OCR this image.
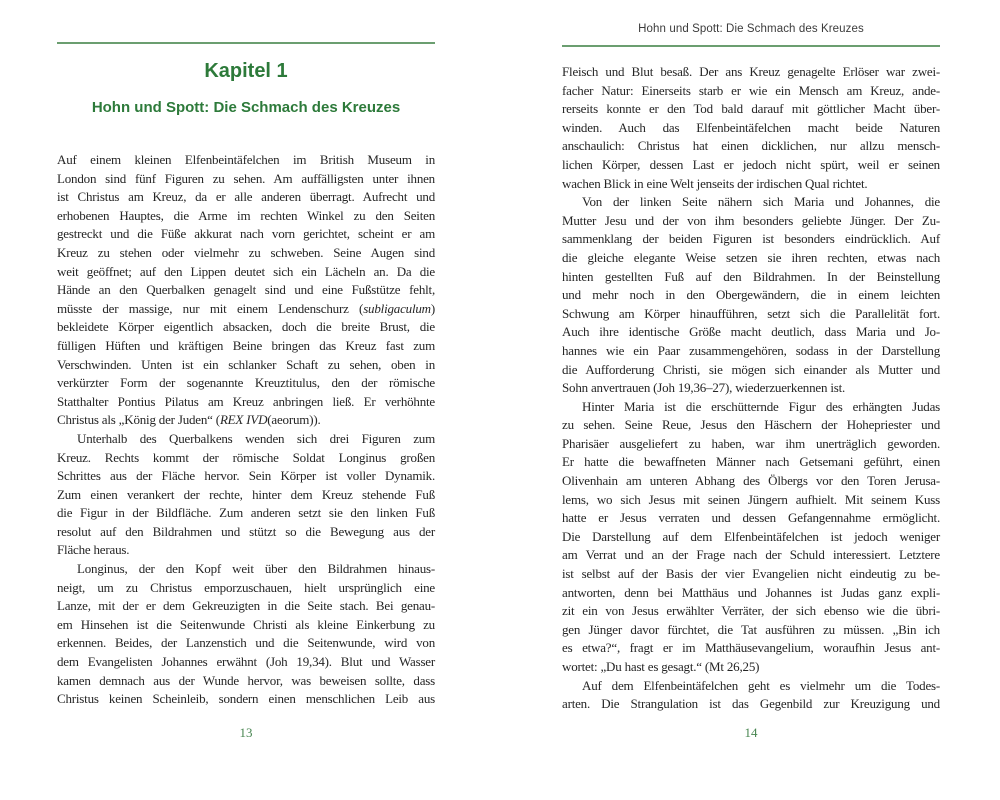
Kapitel 1
Hohn und Spott: Die Schmach des Kreuzes
Auf einem kleinen Elfenbeintäfelchen im British Museum in
London sind fünf Figuren zu sehen. Am auffälligsten unter ihnen
ist Christus am Kreuz, da er alle anderen überragt. Aufrecht und
erhobenen Hauptes, die Arme im rechten Winkel zu den Seiten
gestreckt und die Füße akkurat nach vorn gerichtet, scheint er am
Kreuz zu stehen oder vielmehr zu schweben. Seine Augen sind
weit geöffnet; auf den Lippen deutet sich ein Lächeln an. Da die
Hände an den Querbalken genagelt sind und eine Fußstütze fehlt,
müsste der massige, nur mit einem Lendenschurz (subligaculum)
bekleidete Körper eigentlich absacken, doch die breite Brust, die
fülligen Hüften und kräftigen Beine bringen das Kreuz fast zum
Verschwinden. Unten ist ein schlanker Schaft zu sehen, oben in
verkürzter Form der sogenannte Kreuztitulus, den der römische
Statthalter Pontius Pilatus am Kreuz anbringen ließ. Er verhöhnte
Christus als „König der Juden“ (REX IVD(aeorum)).
Unterhalb des Querbalkens wenden sich drei Figuren zum
Kreuz. Rechts kommt der römische Soldat Longinus großen
Schrittes aus der Fläche hervor. Sein Körper ist voller Dynamik.
Zum einen verankert der rechte, hinter dem Kreuz stehende Fuß
die Figur in der Bildfläche. Zum anderen setzt sie den linken Fuß
resolut auf den Bildrahmen und stützt so die Bewegung aus der
Fläche heraus.
Longinus, der den Kopf weit über den Bildrahmen hinaus-
neigt, um zu Christus emporzuschauen, hielt ursprünglich eine
Lanze, mit der er dem Gekreuzigten in die Seite stach. Bei genau-
em Hinsehen ist die Seitenwunde Christi als kleine Einkerbung zu
erkennen. Beides, der Lanzenstich und die Seitenwunde, wird von
dem Evangelisten Johannes erwähnt (Joh 19,34). Blut und Wasser
kamen demnach aus der Wunde hervor, was beweisen sollte, dass
Christus keinen Scheinleib, sondern einen menschlichen Leib aus
13
Hohn und Spott: Die Schmach des Kreuzes
Fleisch und Blut besaß. Der ans Kreuz genagelte Erlöser war zwei-
facher Natur: Einerseits starb er wie ein Mensch am Kreuz, ande-
rerseits konnte er den Tod bald darauf mit göttlicher Macht über-
winden. Auch das Elfenbeintäfelchen macht beide Naturen
anschaulich: Christus hat einen dicklichen, nur allzu mensch-
lichen Körper, dessen Last er jedoch nicht spürt, weil er seinen
wachen Blick in eine Welt jenseits der irdischen Qual richtet.
Von der linken Seite nähern sich Maria und Johannes, die
Mutter Jesu und der von ihm besonders geliebte Jünger. Der Zu-
sammenklang der beiden Figuren ist besonders eindrücklich. Auf
die gleiche elegante Weise setzen sie ihren rechten, etwas nach
hinten gestellten Fuß auf den Bildrahmen. In der Beinstellung
und mehr noch in den Obergewändern, die in einem leichten
Schwung am Körper hinaufführen, setzt sich die Parallelität fort.
Auch ihre identische Größe macht deutlich, dass Maria und Jo-
hannes wie ein Paar zusammengehören, sodass in der Darstellung
die Aufforderung Christi, sie mögen sich einander als Mutter und
Sohn anvertrauen (Joh 19,36–27), wiederzuerkennen ist.
Hinter Maria ist die erschütternde Figur des erhängten Judas
zu sehen. Seine Reue, Jesus den Häschern der Hohepriester und
Pharisäer ausgeliefert zu haben, war ihm unerträglich geworden.
Er hatte die bewaffneten Männer nach Getsemani geführt, einen
Olivenhain am unteren Abhang des Ölbergs vor den Toren Jerusa-
lems, wo sich Jesus mit seinen Jüngern aufhielt. Mit seinem Kuss
hatte er Jesus verraten und dessen Gefangennahme ermöglicht.
Die Darstellung auf dem Elfenbeintäfelchen ist jedoch weniger
am Verrat und an der Frage nach der Schuld interessiert. Letztere
ist selbst auf der Basis der vier Evangelien nicht eindeutig zu be-
antworten, denn bei Matthäus und Johannes ist Judas ganz expli-
zit ein von Jesus erwählter Verräter, der sich ebenso wie die übri-
gen Jünger davor fürchtet, die Tat ausführen zu müssen. „Bin ich
es etwa?“, fragt er im Matthäusevangelium, woraufhin Jesus ant-
wortet: „Du hast es gesagt.“ (Mt 26,25)
Auf dem Elfenbeintäfelchen geht es vielmehr um die Todes-
arten. Die Strangulation ist das Gegenbild zur Kreuzigung und
14
